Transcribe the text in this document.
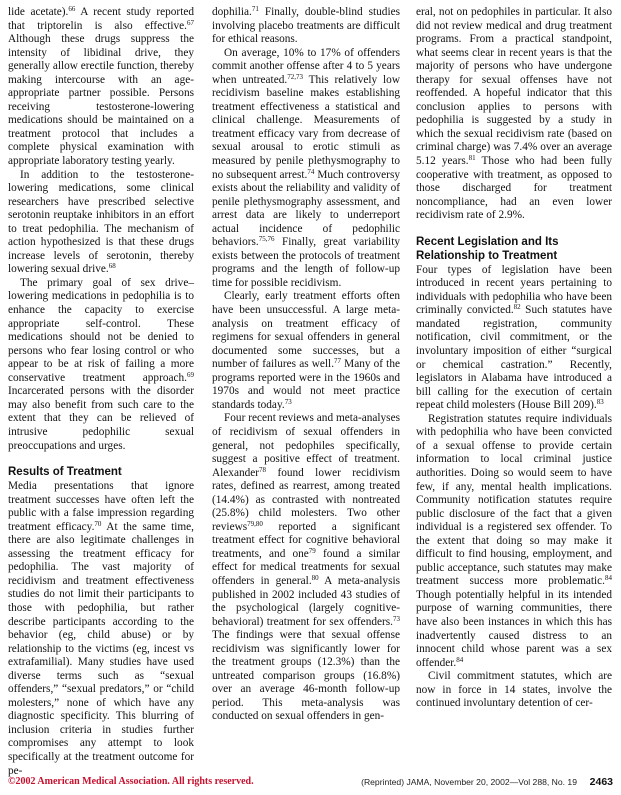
lide acetate).$^{66}$ A recent study reported that triptorelin is also effective.$^{67}$ Although these drugs suppress the intensity of libidinal drive, they generally allow erectile function, thereby making intercourse with an age-appropriate partner possible. Persons receiving testosterone-lowering medications should be maintained on a treatment protocol that includes a complete physical examination with appropriate laboratory testing yearly.

In addition to the testosterone-lowering medications, some clinical researchers have prescribed selective serotonin reuptake inhibitors in an effort to treat pedophilia. The mechanism of action hypothesized is that these drugs increase levels of serotonin, thereby lowering sexual drive.$^{68}$

The primary goal of sex drive–lowering medications in pedophilia is to enhance the capacity to exercise appropriate self-control. These medications should not be denied to persons who fear losing control or who appear to be at risk of failing a more conservative treatment approach.$^{69}$ Incarcerated persons with the disorder may also benefit from such care to the extent that they can be relieved of intrusive pedophilic sexual preoccupations and urges.

Results of Treatment

Media presentations that ignore treatment successes have often left the public with a false impression regarding treatment efficacy.$^{70}$ At the same time, there are also legitimate challenges in assessing the treatment efficacy for pedophilia. The vast majority of recidivism and treatment effectiveness studies do not limit their participants to those with pedophilia, but rather describe participants according to the behavior (eg, child abuse) or by relationship to the victims (eg, incest vs extrafamilial). Many studies have used diverse terms such as “sexual offenders,” “sexual predators,” or “child molesters,” none of which have any diagnostic specificity. This blurring of inclusion criteria in studies further compromises any attempt to look specifically at the treatment outcome for pe-

dophilia.$^{71}$ Finally, double-blind studies involving placebo treatments are difficult for ethical reasons.

On average, 10% to 17% of offenders commit another offense after 4 to 5 years when untreated.$^{72,73}$ This relatively low recidivism baseline makes establishing treatment effectiveness a statistical and clinical challenge. Measurements of treatment efficacy vary from decrease of sexual arousal to erotic stimuli as measured by penile plethysmography to no subsequent arrest.$^{74}$ Much controversy exists about the reliability and validity of penile plethysmography assessment, and arrest data are likely to underreport actual incidence of pedophilic behaviors.$^{75,76}$ Finally, great variability exists between the protocols of treatment programs and the length of follow-up time for possible recidivism.

Clearly, early treatment efforts often have been unsuccessful. A large meta-analysis on treatment efficacy of regimens for sexual offenders in general documented some successes, but a number of failures as well.$^{77}$ Many of the programs reported were in the 1960s and 1970s and would not meet practice standards today.$^{73}$

Four recent reviews and meta-analyses of recidivism of sexual offenders in general, not pedophiles specifically, suggest a positive effect of treatment. Alexander$^{78}$ found lower recidivism rates, defined as rearrest, among treated (14.4%) as contrasted with nontreated (25.8%) child molesters. Two other reviews$^{79,80}$ reported a significant treatment effect for cognitive behavioral treatments, and one$^{79}$ found a similar effect for medical treatments for sexual offenders in general.$^{80}$ A meta-analysis published in 2002 included 43 studies of the psychological (largely cognitive-behavioral) treatment for sex offenders.$^{73}$ The findings were that sexual offense recidivism was significantly lower for the treatment groups (12.3%) than the untreated comparison groups (16.8%) over an average 46-month follow-up period. This meta-analysis was conducted on sexual offenders in gen-

eral, not on pedophiles in particular. It also did not review medical and drug treatment programs. From a practical standpoint, what seems clear in recent years is that the majority of persons who have undergone therapy for sexual offenses have not reoffended. A hopeful indicator that this conclusion applies to persons with pedophilia is suggested by a study in which the sexual recidivism rate (based on criminal charge) was 7.4% over an average 5.12 years.$^{81}$ Those who had been fully cooperative with treatment, as opposed to those discharged for treatment noncompliance, had an even lower recidivism rate of 2.9%.

Recent Legislation and Its Relationship to Treatment

Four types of legislation have been introduced in recent years pertaining to individuals with pedophilia who have been criminally convicted.$^{82}$ Such statutes have mandated registration, community notification, civil commitment, or the involuntary imposition of either “surgical or chemical castration.” Recently, legislators in Alabama have introduced a bill calling for the execution of certain repeat child molesters (House Bill 209).$^{83}$

Registration statutes require individuals with pedophilia who have been convicted of a sexual offense to provide certain information to local criminal justice authorities. Doing so would seem to have few, if any, mental health implications. Community notification statutes require public disclosure of the fact that a given individual is a registered sex offender. To the extent that doing so may make it difficult to find housing, employment, and public acceptance, such statutes may make treatment success more problematic.$^{84}$ Though potentially helpful in its intended purpose of warning communities, there have also been instances in which this has inadvertently caused distress to an innocent child whose parent was a sex offender.$^{84}$

Civil commitment statutes, which are now in force in 14 states, involve the continued involuntary detention of cer-

©2002 American Medical Association. All rights reserved.	(Reprinted) JAMA, November 20, 2002—Vol 288, No. 19 2463
